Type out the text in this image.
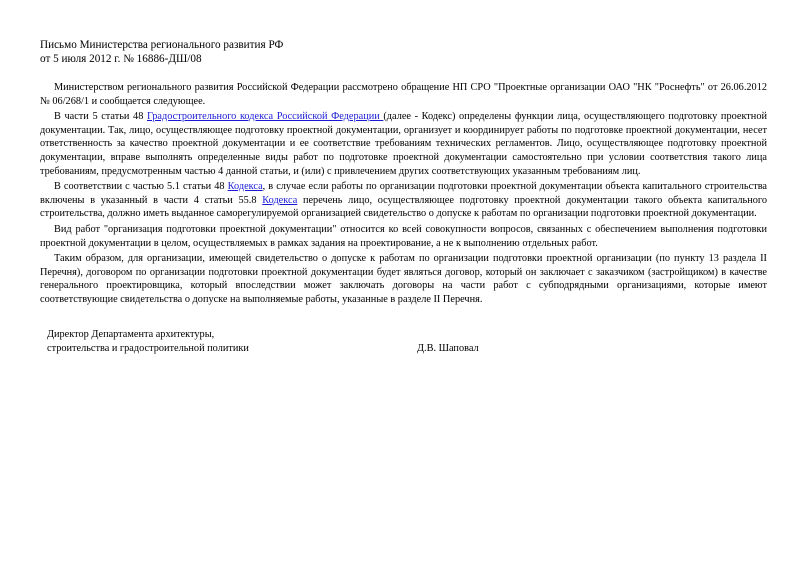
Письмо Министерства регионального развития РФ

от 5 июля 2012 г. № 16886-ДШ/08

Министерством регионального развития Российской Федерации рассмотрено обращение НП СРО "Проектные организации ОАО "НК "Роснефть" от 26.06.2012 № 06/268/1 и сообщается следующее.

В части 5 статьи 48 Градостроительного кодекса Российской Федерации (далее - Кодекс) определены функции лица, осуществляющего подготовку проектной документации. Так, лицо, осуществляющее подготовку проектной документации, организует и координирует работы по подготовке проектной документации, несет ответственность за качество проектной документации и ее соответствие требованиям технических регламентов. Лицо, осуществляющее подготовку проектной документации, вправе выполнять определенные виды работ по подготовке проектной документации самостоятельно при условии соответствия такого лица требованиям, предусмотренным частью 4 данной статьи, и (или) с привлечением других соответствующих указанным требованиям лиц.

В соответствии с частью 5.1 статьи 48 Кодекса, в случае если работы по организации подготовки проектной документации объекта капитального строительства включены в указанный в части 4 статьи 55.8 Кодекса перечень лицо, осуществляющее подготовку проектной документации такого объекта капитального строительства, должно иметь выданное саморегулируемой организацией свидетельство о допуске к работам по организации подготовки проектной документации.

Вид работ "организация подготовки проектной документации" относится ко всей совокупности вопросов, связанных с обеспечением выполнения подготовки проектной документации в целом, осуществляемых в рамках задания на проектирование, а не к выполнению отдельных работ.

Таким образом, для организации, имеющей свидетельство о допуске к работам по организации подготовки проектной организации (по пункту 13 раздела II Перечня), договором по организации подготовки проектной документации будет являться договор, который он заключает с заказчиком (застройщиком) в качестве генерального проектировщика, который впоследствии может заключать договоры на части работ с субподрядными организациями, которые имеют соответствующие свидетельства о допуске на выполняемые работы, указанные в разделе II Перечня.

Директор Департамента архитектуры,
строительства и градостроительной политики	Д.В. Шаповал
